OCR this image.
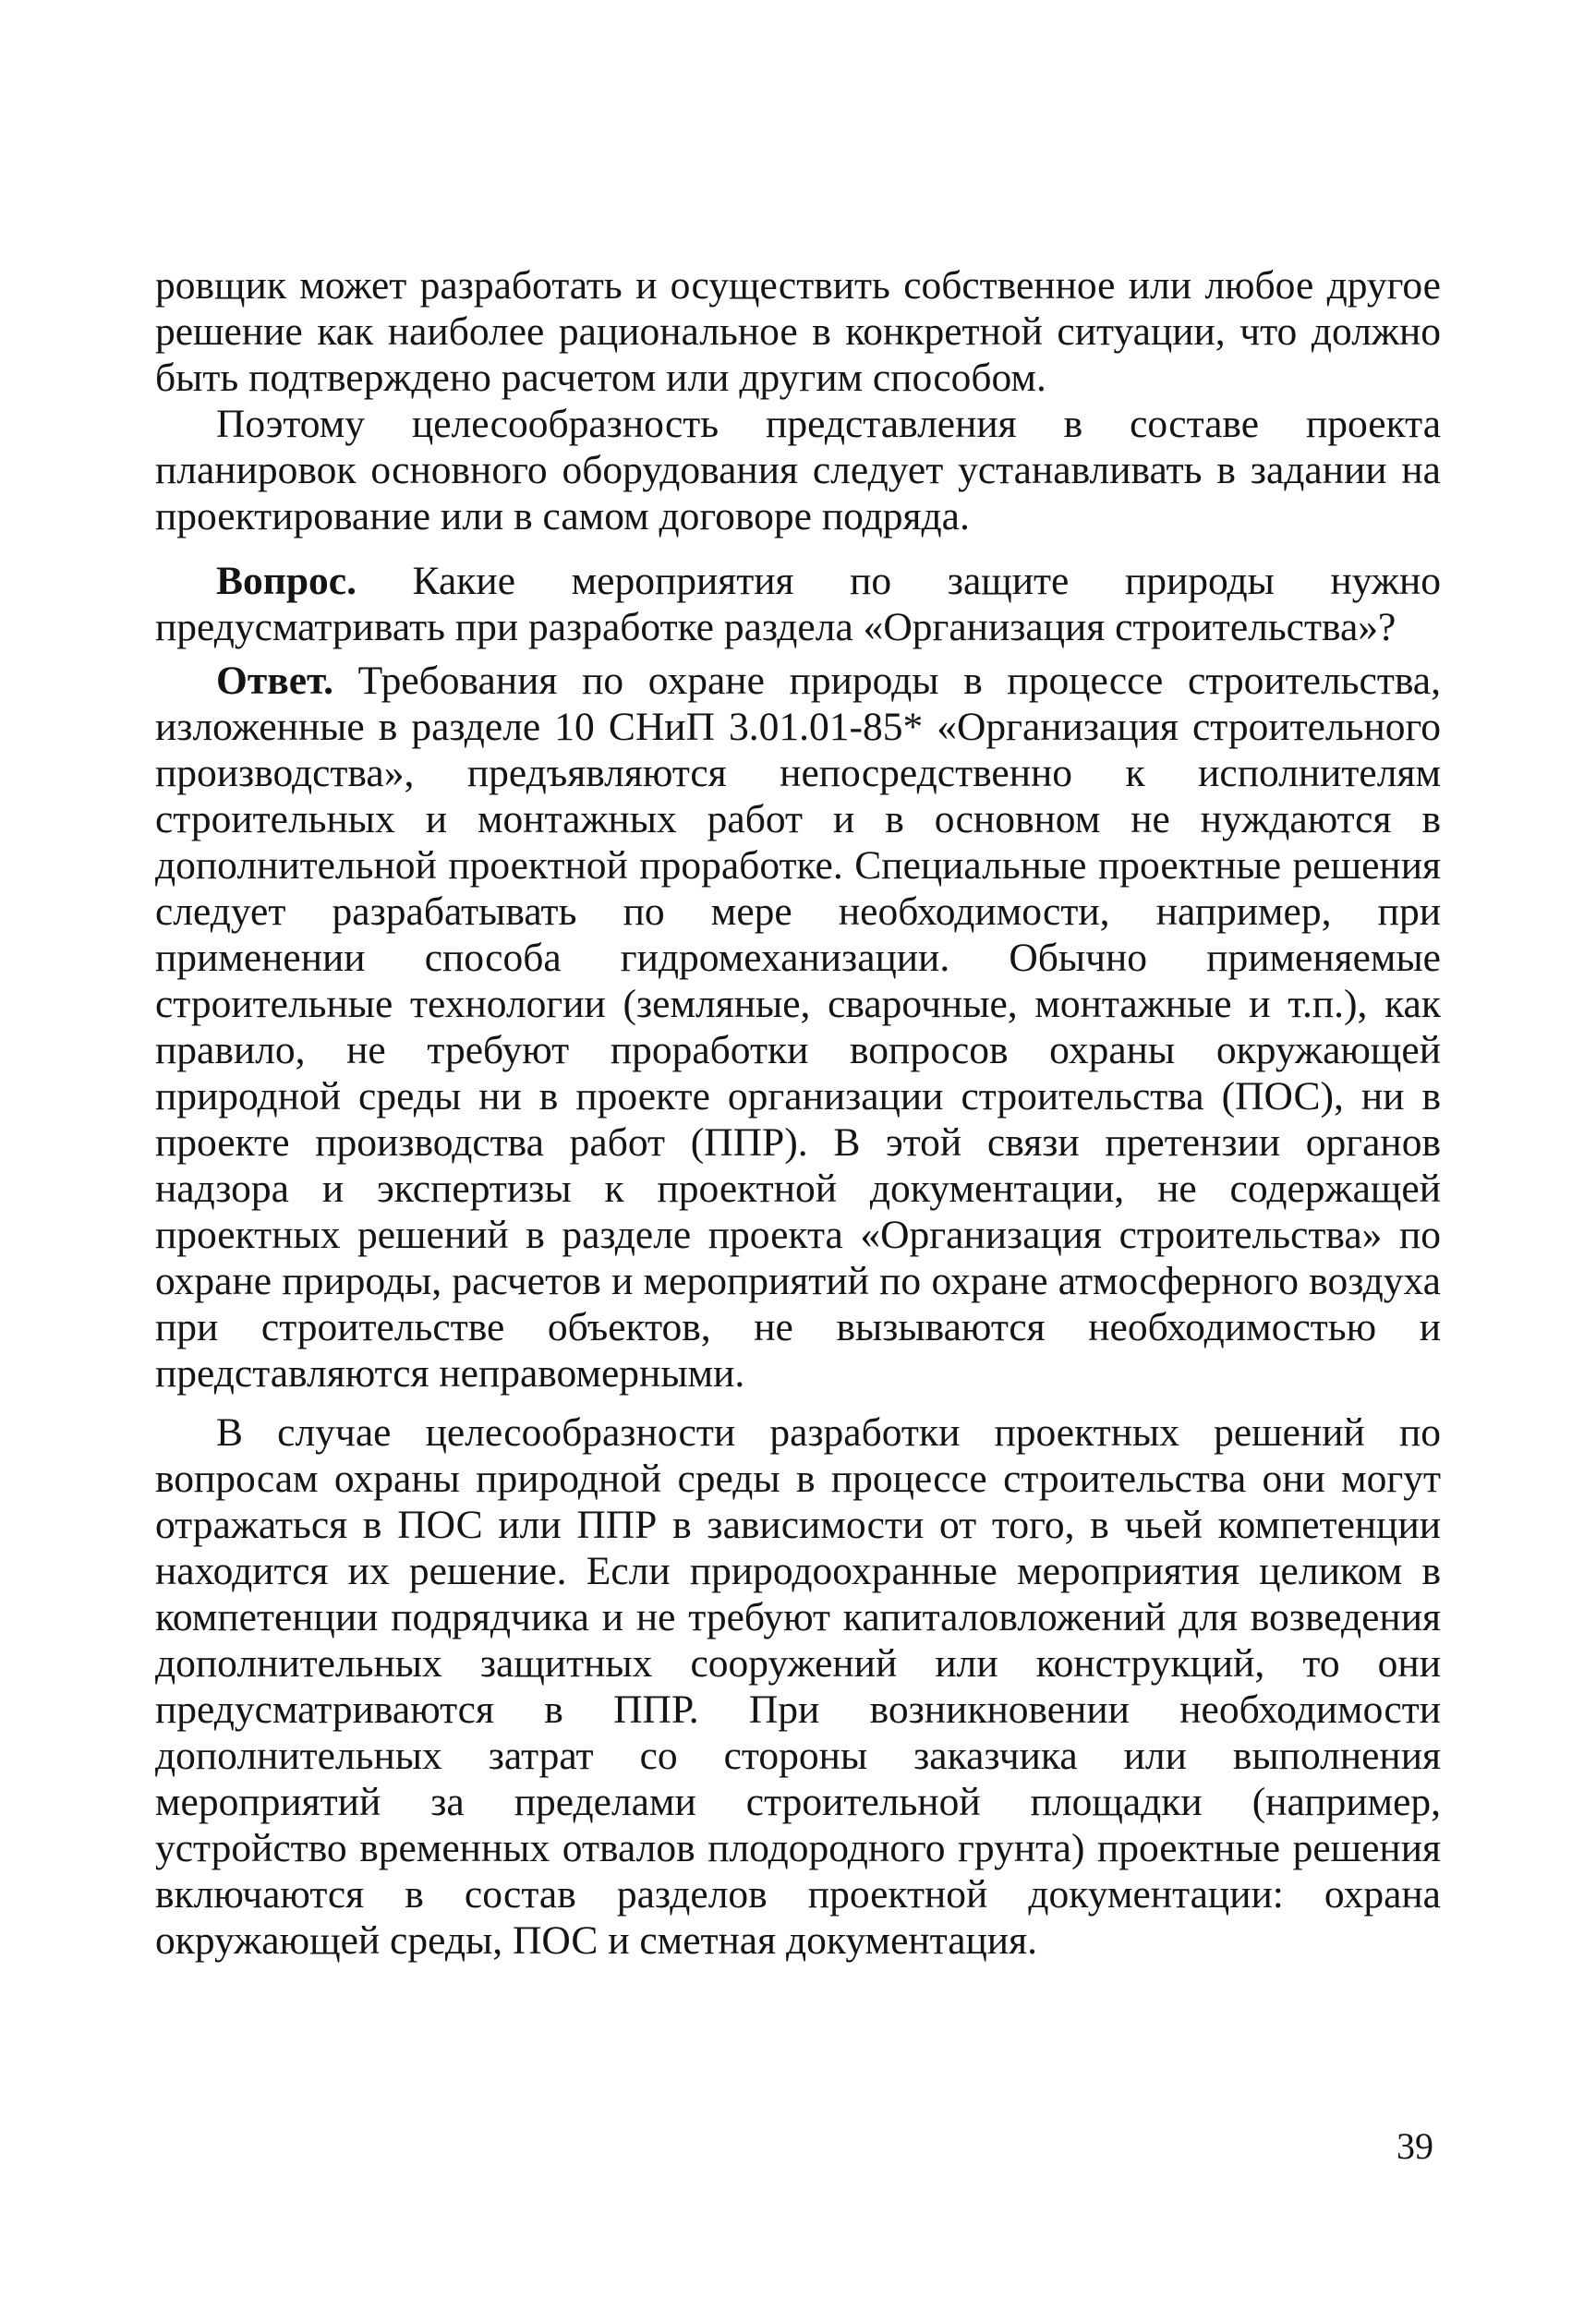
ровщик может разработать и осуществить собственное или любое другое решение как наиболее рациональное в конкретной ситуации, что должно быть подтверждено расчетом или другим способом.

Поэтому целесообразность представления в составе проекта планировок основного оборудования следует устанавливать в задании на проектирование или в самом договоре подряда.

Вопрос. Какие мероприятия по защите природы нужно предусматривать при разработке раздела «Организация строительства»?

Ответ. Требования по охране природы в процессе строительства, изложенные в разделе 10 СНиП 3.01.01-85* «Организация строительного производства», предъявляются непосредственно к исполнителям строительных и монтажных работ и в основном не нуждаются в дополнительной проектной проработке. Специальные проектные решения следует разрабатывать по мере необходимости, например, при применении способа гидромеханизации. Обычно применяемые строительные технологии (земляные, сварочные, монтажные и т.п.), как правило, не требуют проработки вопросов охраны окружающей природной среды ни в проекте организации строительства (ПОС), ни в проекте производства работ (ППР). В этой связи претензии органов надзора и экспертизы к проектной документации, не содержащей проектных решений в разделе проекта «Организация строительства» по охране природы, расчетов и мероприятий по охране атмосферного воздуха при строительстве объектов, не вызываются необходимостью и представляются неправомерными.

В случае целесообразности разработки проектных решений по вопросам охраны природной среды в процессе строительства они могут отражаться в ПОС или ППР в зависимости от того, в чьей компетенции находится их решение. Если природоохранные мероприятия целиком в компетенции подрядчика и не требуют капиталовложений для возведения дополнительных защитных сооружений или конструкций, то они предусматриваются в ППР. При возникновении необходимости дополнительных затрат со стороны заказчика или выполнения мероприятий за пределами строительной площадки (например, устройство временных отвалов плодородного грунта) проектные решения включаются в состав разделов проектной документации: охрана окружающей среды, ПОС и сметная документация.

39
